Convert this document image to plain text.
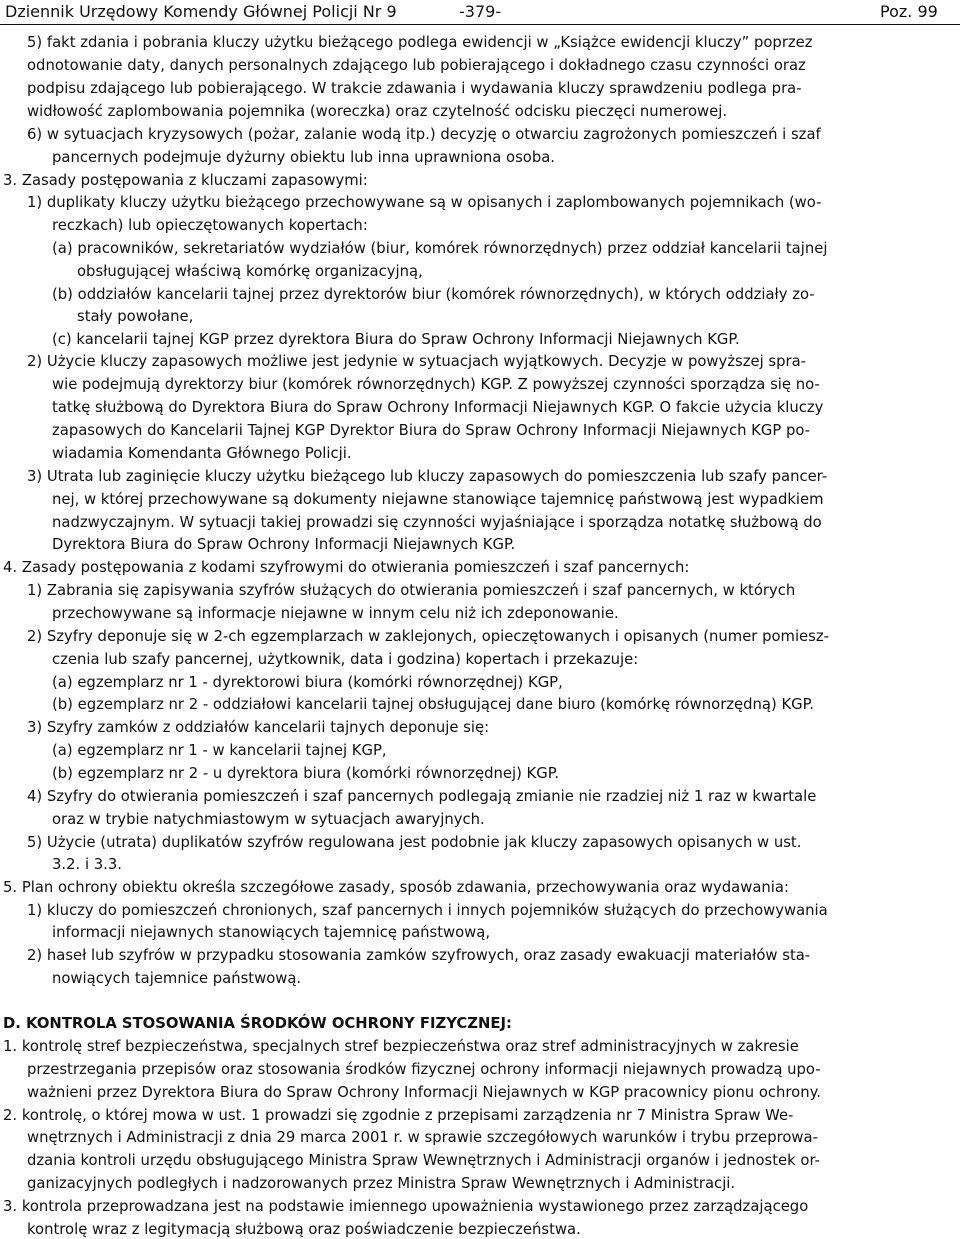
Dziennik Urzędowy Komendy Głównej Policji Nr 9	-379-	Poz. 99
5) fakt zdania i pobrania kluczy użytku bieżącego podlega ewidencji w „Książce ewidencji kluczy” poprzez
odnotowanie daty, danych personalnych zdającego lub pobierającego i dokładnego czasu czynności oraz
podpisu zdającego lub pobierającego. W trakcie zdawania i wydawania kluczy sprawdzeniu podlega pra-
widłowość zaplombowania pojemnika (woreczka) oraz czytelność odcisku pieczęci numerowej.
6) w sytuacjach kryzysowych (pożar, zalanie wodą itp.) decyzję o otwarciu zagrożonych pomieszczeń i szaf
pancernych podejmuje dyżurny obiektu lub inna uprawniona osoba.
3. Zasady postępowania z kluczami zapasowymi:
1) duplikaty kluczy użytku bieżącego przechowywane są w opisanych i zaplombowanych pojemnikach (wo-
reczkach) lub opieczętowanych kopertach:
(a) pracowników, sekretariatów wydziałów (biur, komórek równorzędnych) przez oddział kancelarii tajnej
obsługującej właściwą komórkę organizacyjną,
(b) oddziałów kancelarii tajnej przez dyrektorów biur (komórek równorzędnych), w których oddziały zo-
stały powołane,
(c) kancelarii tajnej KGP przez dyrektora Biura do Spraw Ochrony Informacji Niejawnych KGP.
2) Użycie kluczy zapasowych możliwe jest jedynie w sytuacjach wyjątkowych. Decyzje w powyższej spra-
wie podejmują dyrektorzy biur (komórek równorzędnych) KGP. Z powyższej czynności sporządza się no-
tatkę służbową do Dyrektora Biura do Spraw Ochrony Informacji Niejawnych KGP. O fakcie użycia kluczy
zapasowych do Kancelarii Tajnej KGP Dyrektor Biura do Spraw Ochrony Informacji Niejawnych KGP po-
wiadamia Komendanta Głównego Policji.
3) Utrata lub zaginięcie kluczy użytku bieżącego lub kluczy zapasowych do pomieszczenia lub szafy pancer-
nej, w której przechowywane są dokumenty niejawne stanowiące tajemnicę państwową jest wypadkiem
nadzwyczajnym. W sytuacji takiej prowadzi się czynności wyjaśniające i sporządza notatkę służbową do
Dyrektora Biura do Spraw Ochrony Informacji Niejawnych KGP.
4. Zasady postępowania z kodami szyfrowymi do otwierania pomieszczeń i szaf pancernych:
1) Zabrania się zapisywania szyfrów służących do otwierania pomieszczeń i szaf pancernych, w których
przechowywane są informacje niejawne w innym celu niż ich zdeponowanie.
2) Szyfry deponuje się w 2-ch egzemplarzach w zaklejonych, opieczętowanych i opisanych (numer pomiesz-
czenia lub szafy pancernej, użytkownik, data i godzina) kopertach i przekazuje:
(a) egzemplarz nr 1 - dyrektorowi biura (komórki równorzędnej) KGP,
(b) egzemplarz nr 2 - oddziałowi kancelarii tajnej obsługującej dane biuro (komórkę równorzędną) KGP.
3) Szyfry zamków z oddziałów kancelarii tajnych deponuje się:
(a) egzemplarz nr 1 - w kancelarii tajnej KGP,
(b) egzemplarz nr 2 - u dyrektora biura (komórki równorzędnej) KGP.
4) Szyfry do otwierania pomieszczeń i szaf pancernych podlegają zmianie nie rzadziej niż 1 raz w kwartale
oraz w trybie natychmiastowym w sytuacjach awaryjnych.
5) Użycie (utrata) duplikatów szyfrów regulowana jest podobnie jak kluczy zapasowych opisanych w ust.
3.2. i 3.3.
5. Plan ochrony obiektu określa szczegółowe zasady, sposób zdawania, przechowywania oraz wydawania:
1) kluczy do pomieszczeń chronionych, szaf pancernych i innych pojemników służących do przechowywania
informacji niejawnych stanowiących tajemnicę państwową,
2) haseł lub szyfrów w przypadku stosowania zamków szyfrowych, oraz zasady ewakuacji materiałów sta-
nowiących tajemnice państwową.
D. KONTROLA STOSOWANIA ŚRODKÓW OCHRONY FIZYCZNEJ:
1. kontrolę stref bezpieczeństwa, specjalnych stref bezpieczeństwa oraz stref administracyjnych w zakresie
przestrzegania przepisów oraz stosowania środków fizycznej ochrony informacji niejawnych prowadzą upo-
ważnieni przez Dyrektora Biura do Spraw Ochrony Informacji Niejawnych w KGP pracownicy pionu ochrony.
2. kontrolę, o której mowa w ust. 1 prowadzi się zgodnie z przepisami zarządzenia nr 7 Ministra Spraw We-
wnętrznych i Administracji z dnia 29 marca 2001 r. w sprawie szczegółowych warunków i trybu przeprowa-
dzania kontroli urzędu obsługującego Ministra Spraw Wewnętrznych i Administracji organów i jednostek or-
ganizacyjnych podległych i nadzorowanych przez Ministra Spraw Wewnętrznych i Administracji.
3. kontrola przeprowadzana jest na podstawie imiennego upoważnienia wystawionego przez zarządzającego
kontrolę wraz z legitymacją służbową oraz poświadczenie bezpieczeństwa.
